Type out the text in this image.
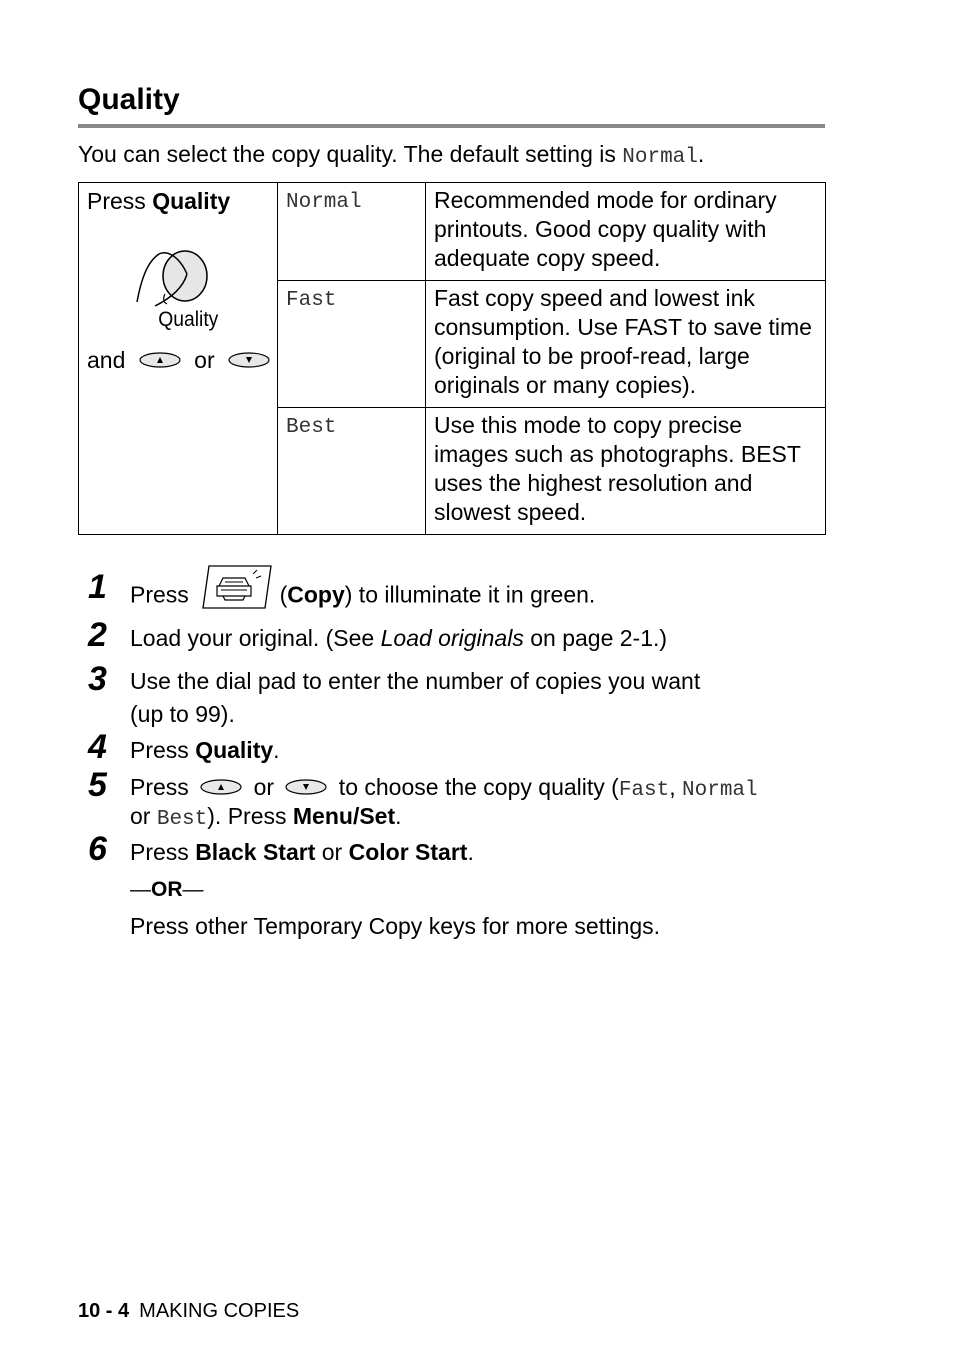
Quality
You can select the copy quality. The default setting is Normal.
Press Quality
Quality
and or	Normal	Recommended mode for ordinary printouts. Good copy quality with adequate copy speed.
	Fast	Fast copy speed and lowest ink consumption. Use FAST to save time (original to be proof-read, large originals or many copies).
	Best	Use this mode to copy precise images such as photographs. BEST uses the highest resolution and slowest speed.
1 Press	(Copy) to illuminate it in green.
2 Load your original. (See Load originals on page 2-1.)
3 Use the dial pad to enter the number of copies you want
(up to 99).
4 Press Quality.
5 Press  or  to choose the copy quality (Fast, Normal
or Best). Press Menu/Set.
6 Press Black Start or Color Start.
—OR—
Press other Temporary Copy keys for more settings.
10 - 4 MAKING COPIES
